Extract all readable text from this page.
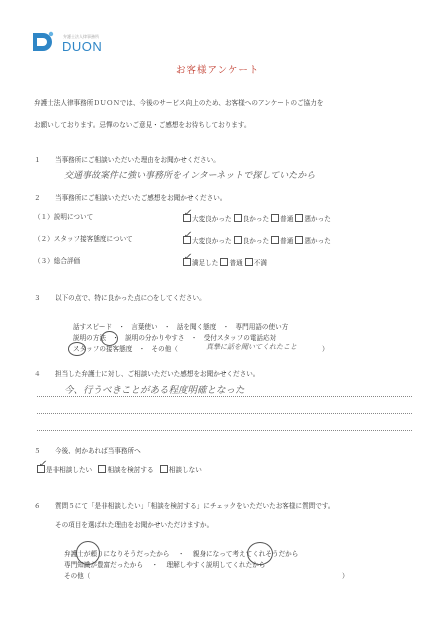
弁護士法人律事務所
DUON
お客様アンケート
弁護士法人律事務所ＤＵＯＮでは、今後のサービス向上のため、お客様へのアンケートのご協力を
お願いしております。忌憚のないご意見・ご感想をお待ちしております。
１ 当事務所にご相談いただいた理由をお聞かせください。
交通事故案件に強い事務所をインターネットで探していたから
２ 当事務所にご相談いただいたご感想をお聞かせください。
（１）説明について	大変良かった 良かった 普通 悪かった
✓
（２）スタッフ接客態度について	大変良かった 良かった 普通 悪かった
✓
（３）総合評価	満足した 普通 不満
✓
３ 以下の点で、特に良かった点に○をしてください。
話すスピード ・ 言葉使い ・ 話を聞く態度 ・ 専門用語の使い方
説明の方法 ・ 説明の分かりやすさ ・ 受付スタッフの電話応対
スタッフの接客態度 ・ その他（	）
真摯に話を聞いてくれたこと
４ 担当した弁護士に対し、ご相談いただいた感想をお聞かせください。
今、行うべきことがある程度明確となった
５ 今後、何かあれば当事務所へ
是非相談したい 相談を検討する 相談しない
✓
６ 質問５にて「是非相談したい」「相談を検討する」にチェックをいただいたお客様に質問です。
その項目を選ばれた理由をお聞かせいただけますか。
弁護士が頼りになりそうだったから ・ 親身になって考えてくれそうだから
専門知識が豊富だったから ・ 理解しやすく説明してくれたから
その他（	）
